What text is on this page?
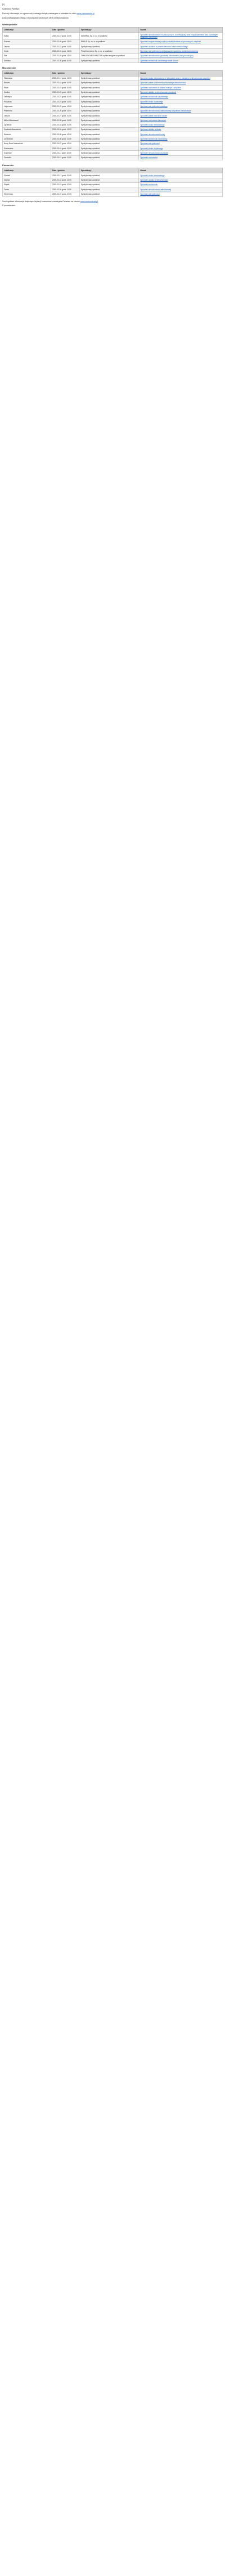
[1]

Szanowni Państwo

Poniżej informacja, po ogłoszeniu przetargi złożyło przetargów w stosunku do ofert www.zamowienia.pl

Lista przetargów/przetargu na podstawie złożonych ofert od Wykonawców

Wielkopolskie
Lokalizacja	Data i godzina	Sprzedający	Nazwa
Kalisz	2025-02-19 godz. 10:00	GENERAL Sp. z o.o. w upadłości	Sprzedaż nieruchomości w Kaliszu przy ul. Górnośląskiej, wraz z wyposażeniem oraz pozostałym majątkiem ruchomym
Poznań	2025-02-20 godz. 12:00	ENBUD Sp. z o.o. w upadłości	Sprzedaż zorganizowanej części przedsiębiorstwa w tym maszyn i urządzeń
Leszno	2025-02-21 godz. 11:00	Syndyk masy upadłości	Sprzedaż udziałów w prawie własności lokalu mieszkalnego
Konin	2025-02-24 godz. 10:00	PrimeCommerce Sp. z o.o. w upadłości	Sprzedaż wierzytelności przysługujących upadłemu wobec kontrahentów
Piła	2025-02-25 godz. 13:00	ZAKŁADY MECHANICZNE spółka akcyjna w upadłości	Sprzedaż nieruchomości gruntowej zabudowanej halą produkcyjną
Gniezno	2025-02-26 godz. 10:00	Syndyk masy upadłości	Sprzedaż samochodu osobowego marki Skoda
Mazowieckie
Lokalizacja	Data i godzina	Sprzedający	Nazwa
Warszawa	2025-02-17 godz. 10:00	Syndyk masy upadłości	Sprzedaż lokalu mieszkalnego w Warszawie wraz z udziałem w nieruchomości wspólnej
Radom	2025-02-18 godz. 11:00	Syndyk masy upadłości	Sprzedaż prawa użytkowania wieczystego nieruchomości
Płock	2025-02-19 godz. 10:00	Syndyk masy upadłości	Sprzedaż ruchomości w postaci maszyn i urządzeń
Siedlce	2025-02-20 godz. 12:00	Syndyk masy upadłości	Sprzedaż udziału w nieruchomości gruntowej
Ostrołęka	2025-02-21 godz. 10:00	Syndyk masy upadłości	Sprzedaż samochodu ciężarowego
Pruszków	2025-02-24 godz. 11:00	Syndyk masy upadłości	Sprzedaż lokalu użytkowego
Legionowo	2025-02-25 godz. 10:00	Syndyk masy upadłości	Sprzedaż wierzytelności upadłego
Piaseczno	2025-02-26 godz. 12:00	Syndyk masy upadłości	Sprzedaż nieruchomości zabudowanej budynkiem mieszkalnym
Otwock	2025-02-27 godz. 10:00	Syndyk masy upadłości	Sprzedaż prawa własności działki
Mińsk Mazowiecki	2025-02-28 godz. 11:00	Syndyk masy upadłości	Sprzedaż ruchomości biurowych
Żyrardów	2025-03-03 godz. 10:00	Syndyk masy upadłości	Sprzedaż lokalu mieszkalnego
Grodzisk Mazowiecki	2025-03-04 godz. 12:00	Syndyk masy upadłości	Sprzedaż udziału w lokalu
Wołomin	2025-03-05 godz. 10:00	Syndyk masy upadłości	Sprzedaż nieruchomości rolnej
Ciechanów	2025-03-06 godz. 11:00	Syndyk masy upadłości	Sprzedaż samochodu osobowego
Nowy Dwór Mazowiecki	2025-03-07 godz. 10:00	Syndyk masy upadłości	Sprzedaż wierzytelności
Sochaczew	2025-03-10 godz. 12:00	Syndyk masy upadłości	Sprzedaż lokalu użytkowego
Kozienice	2025-03-11 godz. 10:00	Syndyk masy upadłości	Sprzedaż nieruchomości gruntowej
Garwolin	2025-03-12 godz. 11:00	Syndyk masy upadłości	Sprzedaż ruchomości
Pomorskie
Lokalizacja	Data i godzina	Sprzedający	Nazwa
Gdańsk	2025-02-17 godz. 10:00	Syndyk masy upadłości	Sprzedaż lokalu mieszkalnego
Gdynia	2025-02-18 godz. 12:00	Syndyk masy upadłości	Sprzedaż udziału w nieruchomości
Słupsk	2025-02-19 godz. 10:00	Syndyk masy upadłości	Sprzedaż samochodu
Tczew	2025-02-20 godz. 11:00	Syndyk masy upadłości	Sprzedaż nieruchomości zabudowanej
Wejherowo	2025-02-21 godz. 10:00	Syndyk masy upadłości	Sprzedaż wierzytelności

Szczegółowe informacje dotyczące licytacji i warunków przetargów Państwo na stronie www.zamowienia.pl

Z poważaniem
